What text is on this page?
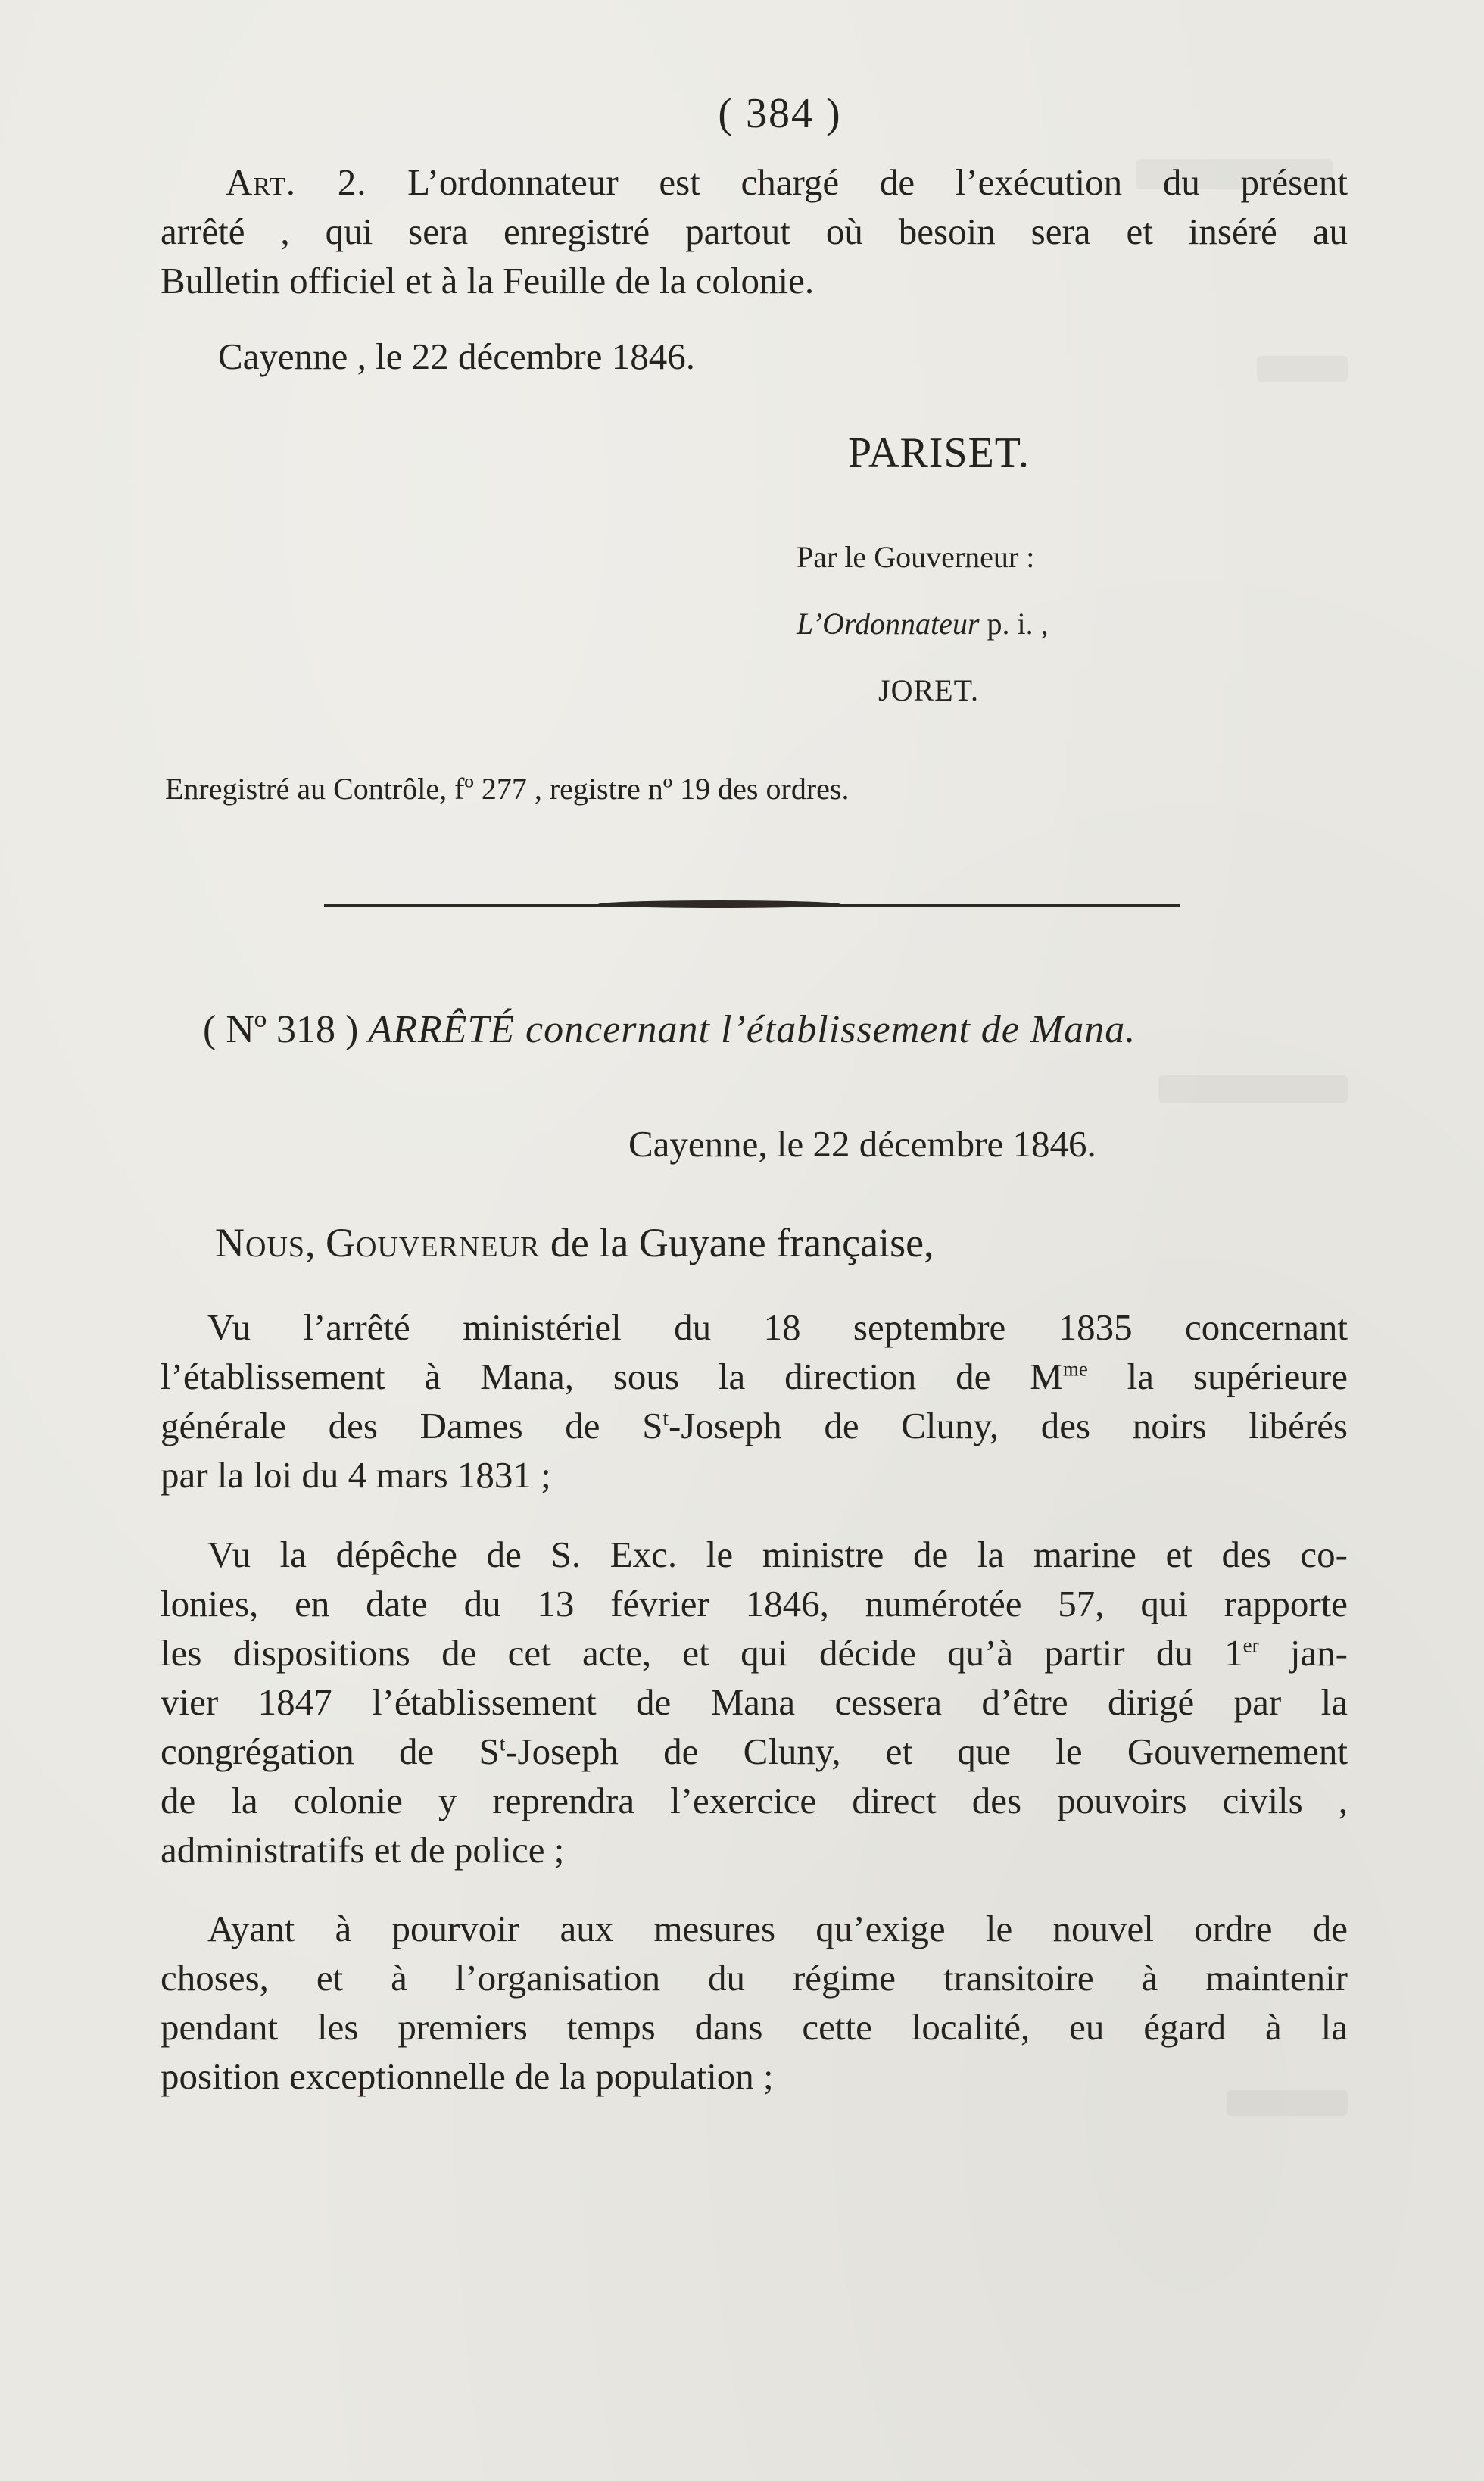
( 384 )
Art. 2. L’ordonnateur est chargé de l’exécution du présent
arrêté , qui sera enregistré partout où besoin sera et inséré au
Bulletin officiel et à la Feuille de la colonie.
Cayenne , le 22 décembre 1846.
PARISET.
Par le Gouverneur :
L’Ordonnateur p. i. ,
JORET.
Enregistré au Contrôle, fº 277 , registre nº 19 des ordres.
( Nº 318 ) ARRÊTÉ concernant l’établissement de Mana.
Cayenne, le 22 décembre 1846.
Nous, Gouverneur de la Guyane française,
Vu l’arrêté ministériel du 18 septembre 1835 concernant
l’établissement à Mana, sous la direction de $M^{me}$ la supérieure
générale des Dames de $S^t$-Joseph de Cluny, des noirs libérés
par la loi du 4 mars 1831 ;
Vu la dépêche de S. Exc. le ministre de la marine et des co-
lonies, en date du 13 février 1846, numérotée 57, qui rapporte
les dispositions de cet acte, et qui décide qu’à partir du 1er jan-
vier 1847 l’établissement de Mana cessera d’être dirigé par la
congrégation de $S^t$-Joseph de Cluny, et que le Gouvernement
de la colonie y reprendra l’exercice direct des pouvoirs civils ,
administratifs et de police ;
Ayant à pourvoir aux mesures qu’exige le nouvel ordre de
choses, et à l’organisation du régime transitoire à maintenir
pendant les premiers temps dans cette localité, eu égard à la
position exceptionnelle de la population ;
